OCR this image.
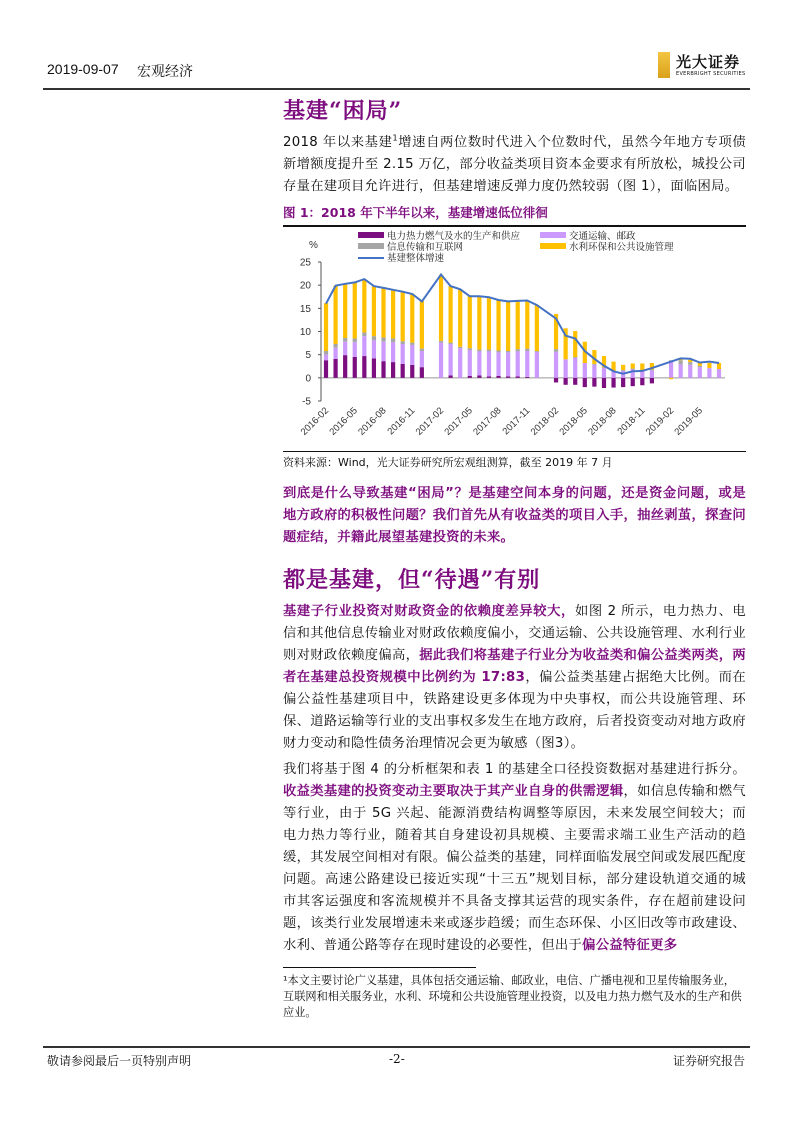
2019-09-07 宏观经济
光大证券
EVERBRIGHT SECURITIES
基建“困局”
2018 年以来基建$^1$增速自两位数时代进入个位数时代，虽然今年地方专项债新增额度提升至 2.15 万亿，部分收益类项目资本金要求有所放松，城投公司存量在建项目允许进行，但基建增速反弹力度仍然较弱（图 1），面临困局。
图 1：2018 年下半年以来，基建增速低位徘徊
-5
0
5
10
15
20
25
%
2016-02
2016-05
2016-08
2016-11
2017-02
2017-05
2017-08
2017-11
2018-02
2018-05
2018-08
2018-11
2019-02
2019-05
电力热力燃气及水的生产和供应	交通运输、邮政
信息传输和互联网	水利环保和公共设施管理
基建整体增速
资料来源：Wind，光大证券研究所宏观组测算，截至 2019 年 7 月
到底是什么导致基建“困局”？是基建空间本身的问题，还是资金问题，或是地方政府的积极性问题？我们首先从有收益类的项目入手，抽丝剥茧，探查问题症结，并籍此展望基建投资的未来。
都是基建，但“待遇”有别
基建子行业投资对财政资金的依赖度差异较大，如图 2 所示，电力热力、电信和其他信息传输业对财政依赖度偏小，交通运输、公共设施管理、水利行业则对财政依赖度偏高，据此我们将基建子行业分为收益类和偏公益类两类，两者在基建总投资规模中比例约为 17:83，偏公益类基建占据绝大比例。而在偏公益性基建项目中，铁路建设更多体现为中央事权，而公共设施管理、环保、道路运输等行业的支出事权多发生在地方政府，后者投资变动对地方政府财力变动和隐性债务治理情况会更为敏感（图3）。
我们将基于图 4 的分析框架和表 1 的基建全口径投资数据对基建进行拆分。收益类基建的投资变动主要取决于其产业自身的供需逻辑，如信息传输和燃气等行业，由于 5G 兴起、能源消费结构调整等原因，未来发展空间较大；而电力热力等行业，随着其自身建设初具规模、主要需求端工业生产活动的趋缓，其发展空间相对有限。偏公益类的基建，同样面临发展空间或发展匹配度问题。高速公路建设已接近实现“十三五”规划目标，部分建设轨道交通的城市其客运强度和客流规模并不具备支撑其运营的现实条件，存在超前建设问题，该类行业发展增速未来或逐步趋缓；而生态环保、小区旧改等市政建设、水利、普通公路等存在现时建设的必要性，但出于偏公益特征更多
¹本文主要讨论广义基建，具体包括交通运输、邮政业，电信、广播电视和卫星传输服务业，互联网和相关服务业，水利、环境和公共设施管理业投资，以及电力热力燃气及水的生产和供应业。
敬请参阅最后一页特别声明	-2-	证券研究报告
